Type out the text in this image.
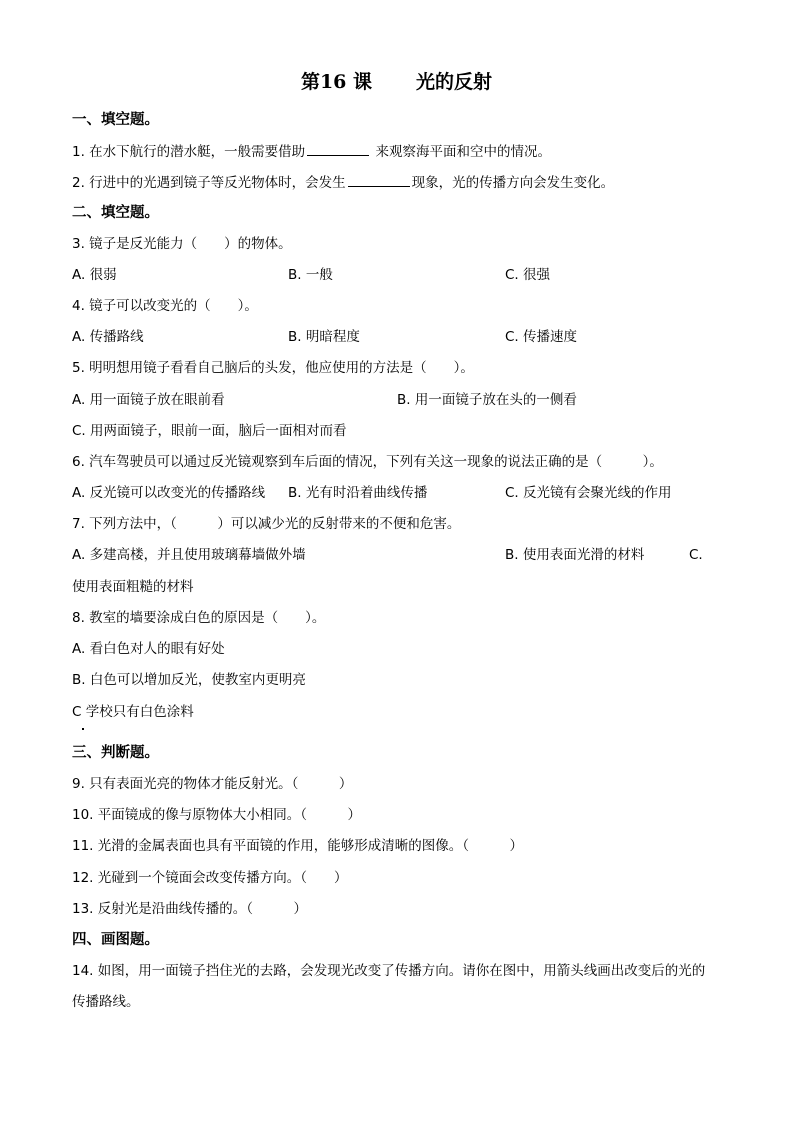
第16 课 光的反射
一、填空题。
1. 在水下航行的潜水艇，一般需要借助	来观察海平面和空中的情况。
2. 行进中的光遇到镜子等反光物体时，会发生	现象，光的传播方向会发生变化。
二、填空题。
3. 镜子是反光能力（　　）的物体。
A. 很弱	B. 一般	C. 很强
4. 镜子可以改变光的（　　）。
A. 传播路线	B. 明暗程度	C. 传播速度
5. 明明想用镜子看看自己脑后的头发，他应使用的方法是（　　）。
A. 用一面镜子放在眼前看	B. 用一面镜子放在头的一侧看
C. 用两面镜子，眼前一面，脑后一面相对而看
6. 汽车驾驶员可以通过反光镜观察到车后面的情况，下列有关这一现象的说法正确的是（　　　）。
A. 反光镜可以改变光的传播路线 B. 光有时沿着曲线传播	C. 反光镜有会聚光线的作用
7. 下列方法中，（　　　）可以减少光的反射带来的不便和危害。
A. 多建高楼，并且使用玻璃幕墙做外墙	B. 使用表面光滑的材料	C.
使用表面粗糙的材料
8. 教室的墙要涂成白色的原因是（　　）。
A. 看白色对人的眼有好处
B. 白色可以增加反光，使教室内更明亮
C 学校只有白色涂料
三、判断题。
9. 只有表面光亮的物体才能反射光。（　　　）
10. 平面镜成的像与原物体大小相同。（　　　）
11. 光滑的金属表面也具有平面镜的作用，能够形成清晰的图像。（　　　）
12. 光碰到一个镜面会改变传播方向。（　　）
13. 反射光是沿曲线传播的。（　　　）
四、画图题。
14. 如图，用一面镜子挡住光的去路，会发现光改变了传播方向。请你在图中，用箭头线画出改变后的光的
传播路线。
